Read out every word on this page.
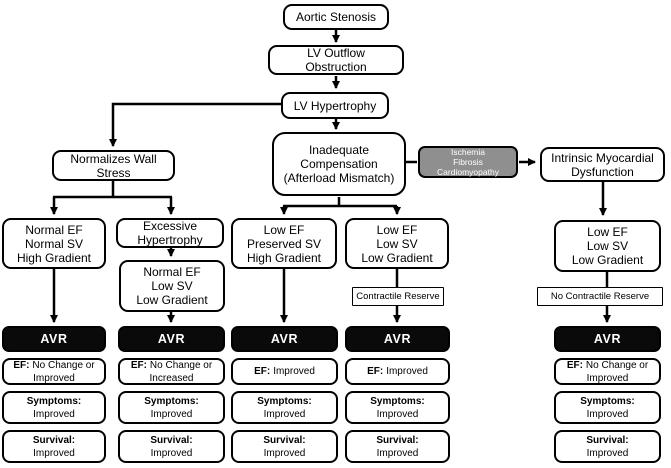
Aortic Stenosis
LV Outflow
Obstruction
LV Hypertrophy
Normalizes Wall
Stress
Inadequate
Compensation
(Afterload Mismatch)
Ischemia
Fibrosis
Cardiomyopathy
Intrinsic Myocardial
Dysfunction
Normal EF
Normal SV
High Gradient
AVR
EF: No Change or Improved
Symptoms:
Improved
Survival:
Improved
Excessive
Hypertrophy
Normal EF
Low SV
Low Gradient
AVR
EF: No Change or Increased
Symptoms:
Improved
Survival:
Improved
Low EF
Preserved SV
High Gradient
AVR
EF: Improved
Symptoms:
Improved
Survival:
Improved
Low EF
Low SV
Low Gradient
Contractile Reserve
AVR
EF: Improved
Symptoms:
Improved
Survival:
Improved
Low EF
Low SV
Low Gradient
No Contractile Reserve
AVR
EF: No Change or Improved
Symptoms:
Improved
Survival:
Improved
